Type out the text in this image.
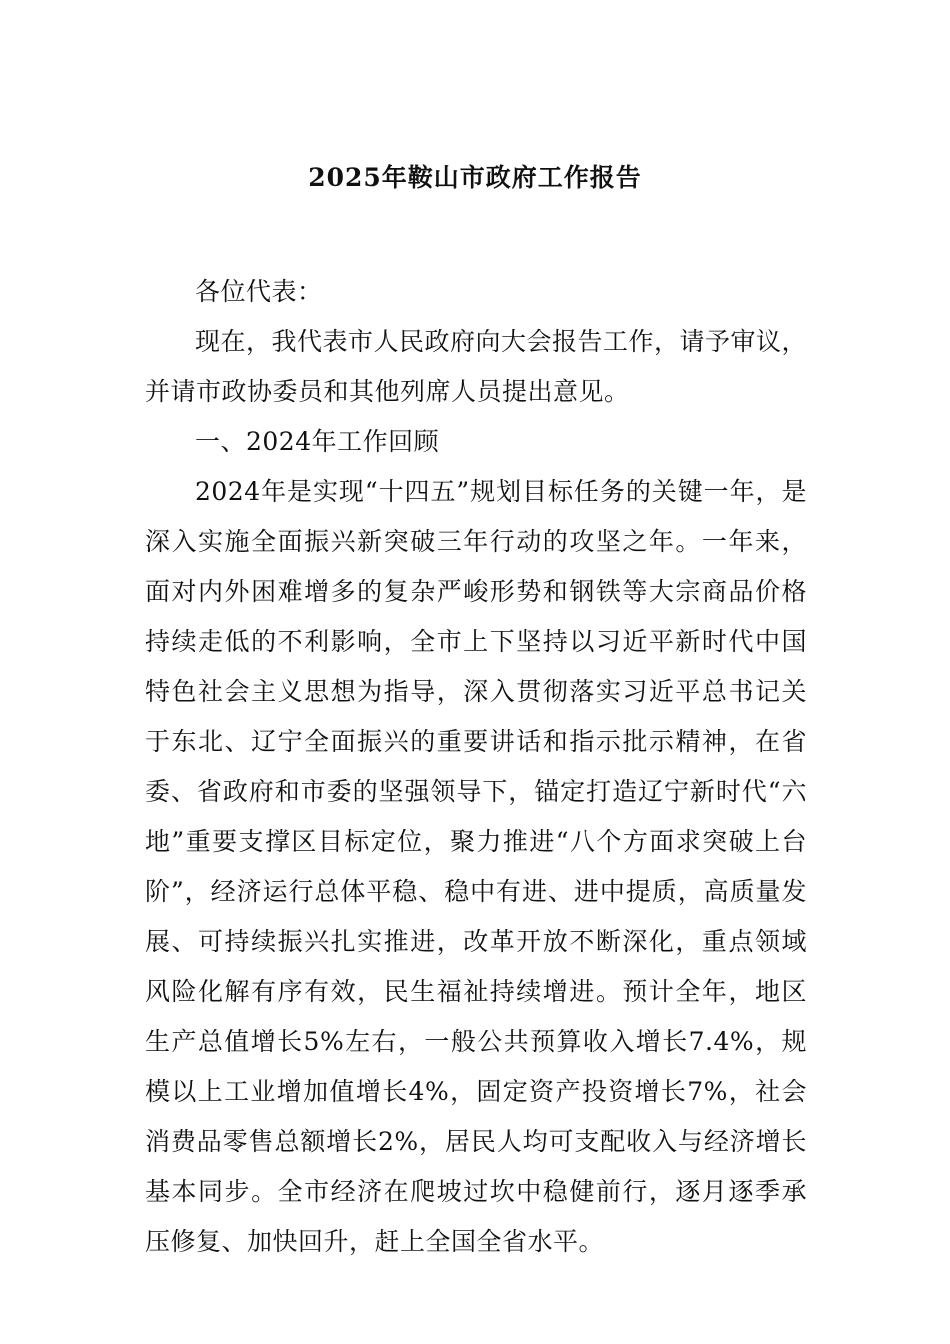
2025年鞍山市政府工作报告

各位代表：

现在，我代表市人民政府向大会报告工作，请予审议，并请市政协委员和其他列席人员提出意见。

一、2024年工作回顾

2024年是实现“十四五”规划目标任务的关键一年，是深入实施全面振兴新突破三年行动的攻坚之年。一年来，面对内外困难增多的复杂严峻形势和钢铁等大宗商品价格持续走低的不利影响，全市上下坚持以习近平新时代中国特色社会主义思想为指导，深入贯彻落实习近平总书记关于东北、辽宁全面振兴的重要讲话和指示批示精神，在省委、省政府和市委的坚强领导下，锚定打造辽宁新时代“六地”重要支撑区目标定位，聚力推进“八个方面求突破上台阶”，经济运行总体平稳、稳中有进、进中提质，高质量发展、可持续振兴扎实推进，改革开放不断深化，重点领域风险化解有序有效，民生福祉持续增进。预计全年，地区生产总值增长5%左右，一般公共预算收入增长7.4%，规模以上工业增加值增长4%，固定资产投资增长7%，社会消费品零售总额增长2%，居民人均可支配收入与经济增长基本同步。全市经济在爬坡过坎中稳健前行，逐月逐季承压修复、加快回升，赶上全国全省水平。
